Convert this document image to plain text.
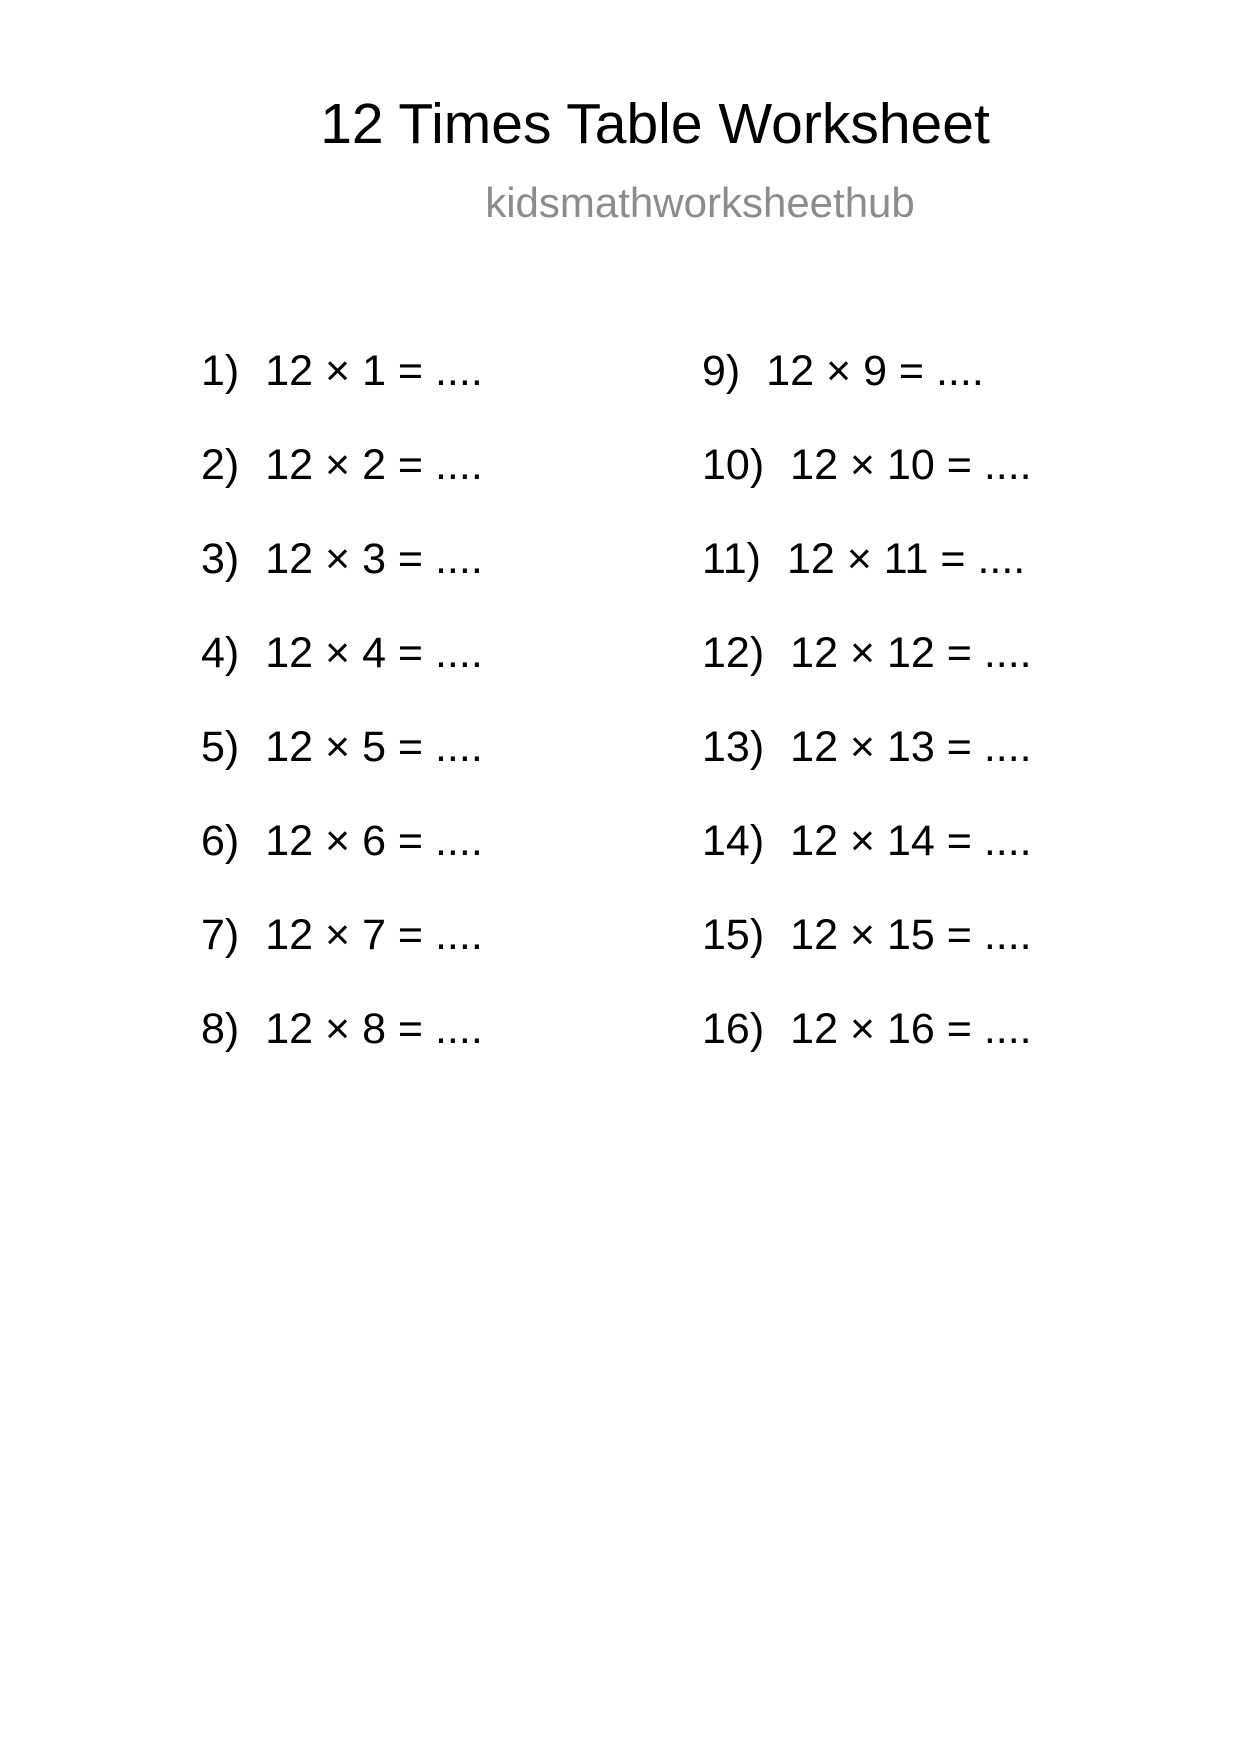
12 Times Table Worksheet
kidsmathworksheethub
1) 12 × 1 = ....
2) 12 × 2 = ....
3) 12 × 3 = ....
4) 12 × 4 = ....
5) 12 × 5 = ....
6) 12 × 6 = ....
7) 12 × 7 = ....
8) 12 × 8 = ....
9) 12 × 9 = ....
10) 12 × 10 = ....
11) 12 × 11 = ....
12) 12 × 12 = ....
13) 12 × 13 = ....
14) 12 × 14 = ....
15) 12 × 15 = ....
16) 12 × 16 = ....
